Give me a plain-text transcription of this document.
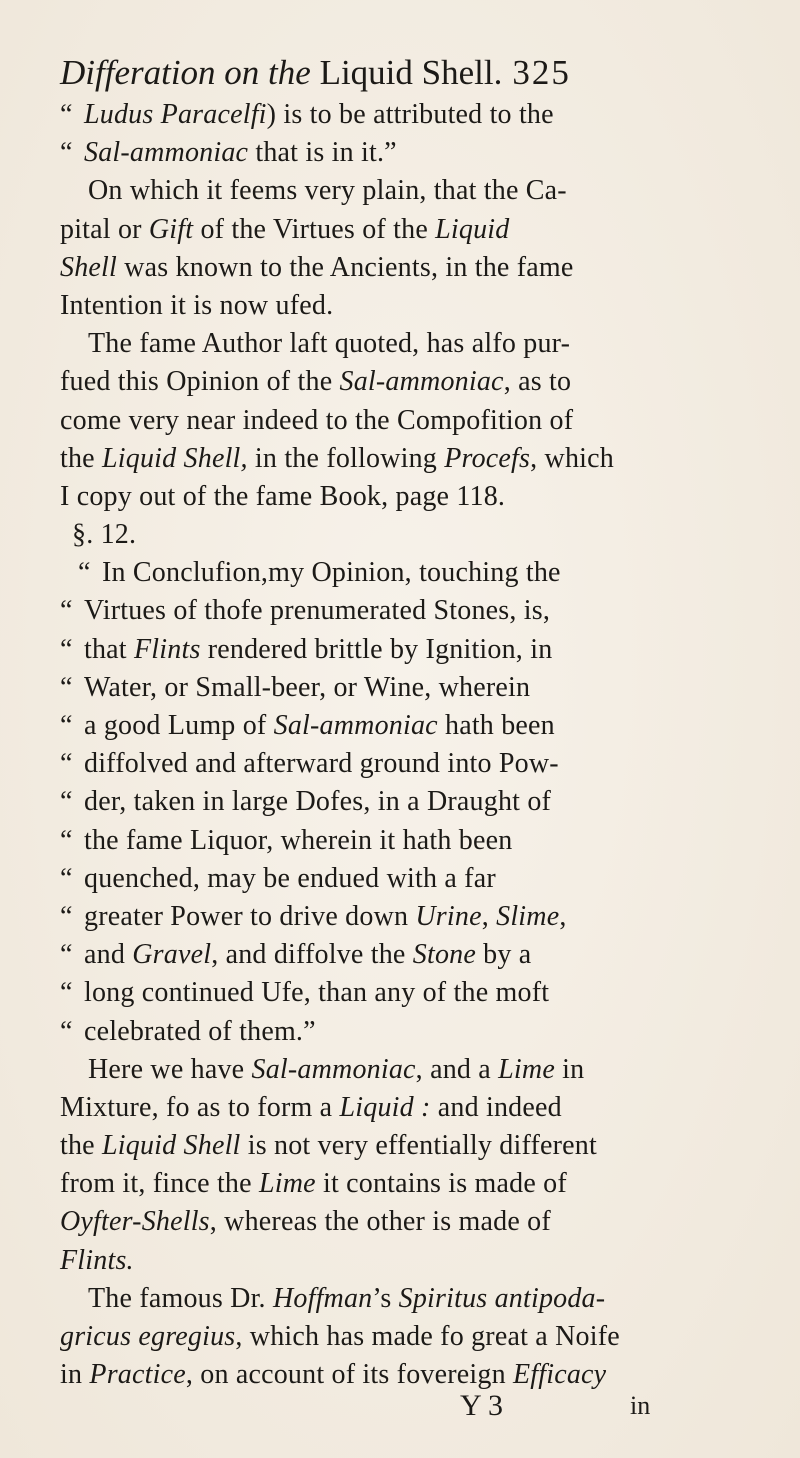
Differation on the Liquid Shell. 325
“ Ludus Paracelfi) is to be attributed to the
“ Sal-ammoniac that is in it.”
On which it feems very plain, that the Ca-
pital or Gift of the Virtues of the Liquid
Shell was known to the Ancients, in the fame
Intention it is now ufed.
The fame Author laft quoted, has alfo pur-
fued this Opinion of the Sal-ammoniac, as to
come very near indeed to the Compofition of
the Liquid Shell, in the following Procefs, which
I copy out of the fame Book, page 118.
§. 12.
“ In Conclufion,my Opinion, touching the
“ Virtues of thofe prenumerated Stones, is,
“ that Flints rendered brittle by Ignition, in
“ Water, or Small-beer, or Wine, wherein
“ a good Lump of Sal-ammoniac hath been
“ diffolved and afterward ground into Pow-
“ der, taken in large Dofes, in a Draught of
“ the fame Liquor, wherein it hath been
“ quenched, may be endued with a far
“ greater Power to drive down Urine, Slime,
“ and Gravel, and diffolve the Stone by a
“ long continued Ufe, than any of the moft
“ celebrated of them.”
Here we have Sal-ammoniac, and a Lime in
Mixture, fo as to form a Liquid : and indeed
the Liquid Shell is not very effentially different
from it, fince the Lime it contains is made of
Oyfter-Shells, whereas the other is made of
Flints.
The famous Dr. Hoffman’s Spiritus antipoda-
gricus egregius, which has made fo great a Noife
in Practice, on account of its fovereign Efficacy
Y 3	in
